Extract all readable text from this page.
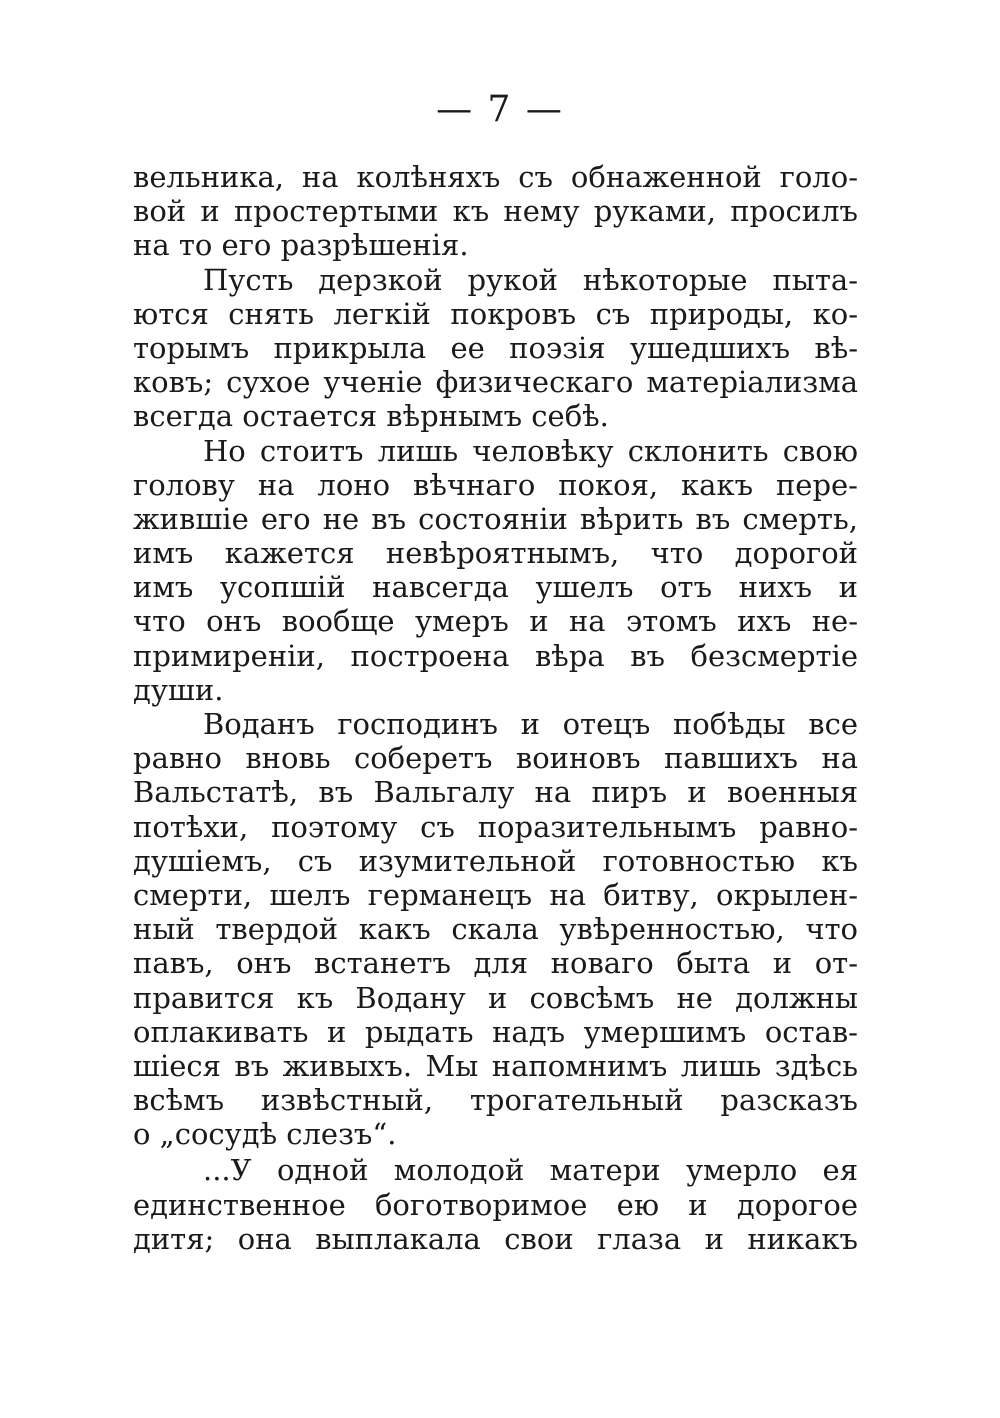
— 7 —
вельника, на колѣняхъ съ обнаженной голо-
вой и простертыми къ нему руками, просилъ
на то его разрѣшенія.
Пусть дерзкой рукой нѣкоторые пыта-
ются снять легкій покровъ съ природы, ко-
торымъ прикрыла ее поэзія ушедшихъ вѣ-
ковъ; сухое ученіе физическаго матеріализма
всегда остается вѣрнымъ себѣ.
Но стоитъ лишь человѣку склонить свою
голову на лоно вѣчнаго покоя, какъ пере-
жившіе его не въ состояніи вѣрить въ смерть,
имъ кажется невѣроятнымъ, что дорогой
имъ усопшій навсегда ушелъ отъ нихъ и
что онъ вообще умеръ и на этомъ ихъ не-
примиреніи, построена вѣра въ безсмертіе
души.
Воданъ господинъ и отецъ побѣды все
равно вновь соберетъ воиновъ павшихъ на
Вальстатѣ, въ Вальгалу на пиръ и военныя
потѣхи, поэтому съ поразительнымъ равно-
душіемъ, съ изумительной готовностью къ
смерти, шелъ германецъ на битву, окрылен-
ный твердой какъ скала увѣренностью, что
павъ, онъ встанетъ для новаго быта и от-
правится къ Водану и совсѣмъ не должны
оплакивать и рыдать надъ умершимъ остав-
шіеся въ живыхъ. Мы напомнимъ лишь здѣсь
всѣмъ извѣстный, трогательный разсказъ
о „сосудѣ слезъ“.
...У одной молодой матери умерло ея
единственное боготворимое ею и дорогое
дитя; она выплакала свои глаза и никакъ
